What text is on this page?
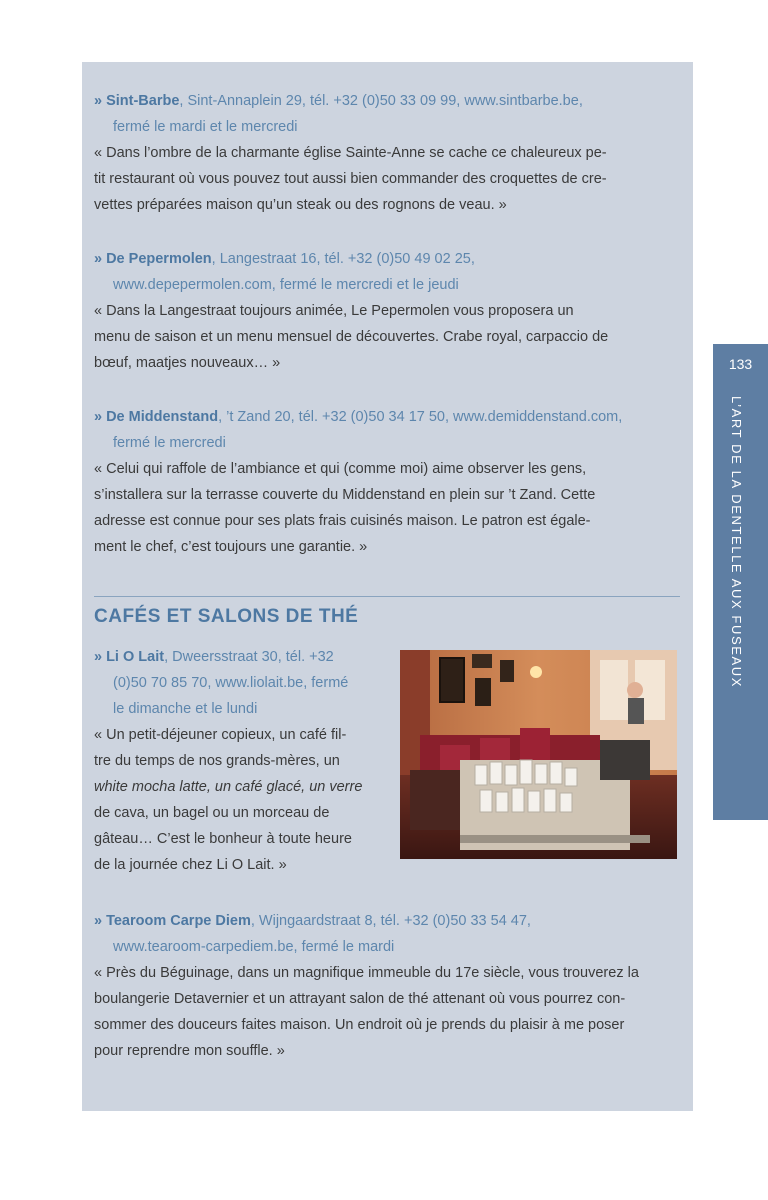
» Sint-Barbe, Sint-Annaplein 29, tél. +32 (0)50 33 09 99, www.sintbarbe.be,
fermé le mardi et le mercredi
« Dans l’ombre de la charmante église Sainte-Anne se cache ce chaleureux pe-
tit restaurant où vous pouvez tout aussi bien commander des croquettes de cre-
vettes préparées maison qu’un steak ou des rognons de veau. »
» De Pepermolen, Langestraat 16, tél. +32 (0)50 49 02 25,
www.depepermolen.com, fermé le mercredi et le jeudi
« Dans la Langestraat toujours animée, Le Pepermolen vous proposera un
menu de saison et un menu mensuel de découvertes. Crabe royal, carpaccio de
bœuf, maatjes nouveaux… »
» De Middenstand, ’t Zand 20, tél. +32 (0)50 34 17 50, www.demiddenstand.com,
fermé le mercredi
« Celui qui raffole de l’ambiance et qui (comme moi) aime observer les gens,
s’installera sur la terrasse couverte du Middenstand en plein sur ’t Zand. Cette
adresse est connue pour ses plats frais cuisinés maison. Le patron est égale-
ment le chef, c’est toujours une garantie. »
CAFÉS ET SALONS DE THÉ
» Li O Lait, Dweersstraat 30, tél. +32
(0)50 70 85 70, www.liolait.be, fermé
le dimanche et le lundi
« Un petit-déjeuner copieux, un café fil-
tre du temps de nos grands-mères, un
white mocha latte, un café glacé, un verre
de cava, un bagel ou un morceau de
gâteau… C’est le bonheur à toute heure
de la journée chez Li O Lait. »
» Tearoom Carpe Diem, Wijngaardstraat 8, tél. +32 (0)50 33 54 47,
www.tearoom-carpediem.be, fermé le mardi
« Près du Béguinage, dans un magnifique immeuble du 17e siècle, vous trouverez la
boulangerie Detavernier et un attrayant salon de thé attenant où vous pourrez con-
sommer des douceurs faites maison. Un endroit où je prends du plaisir à me poser
pour reprendre mon souffle. »
133
L’ART DE LA DENTELLE AUX FUSEAUX
